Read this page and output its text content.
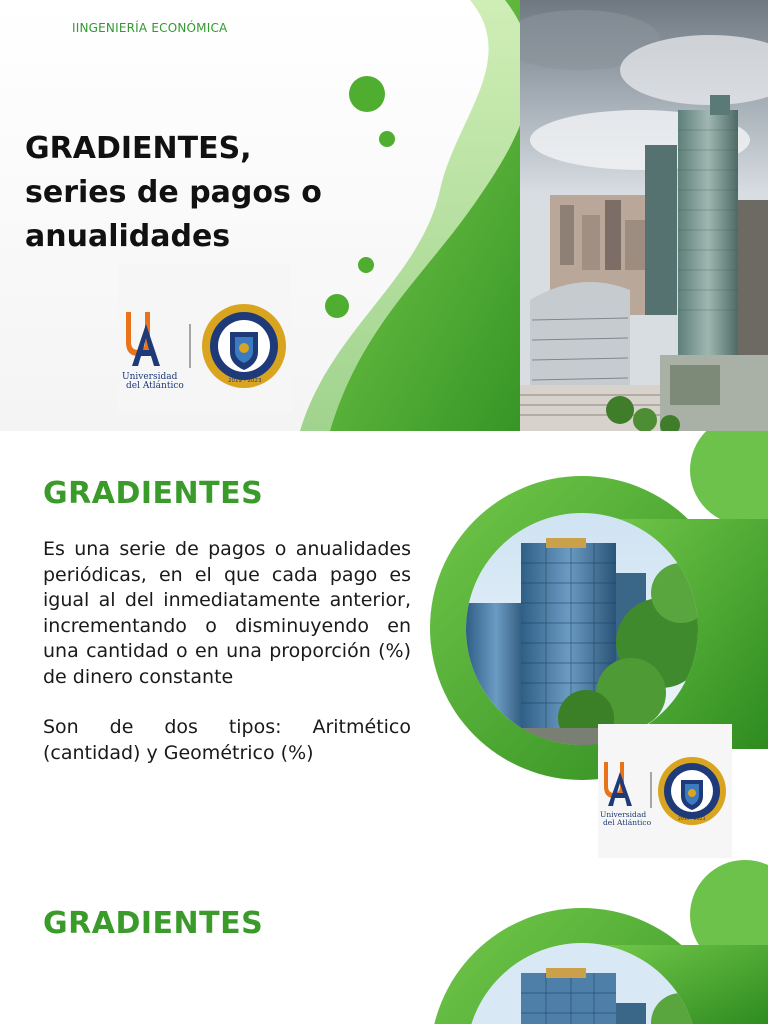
IINGENIERÍA ECONÓMICA
GRADIENTES,
series de pagos o
anualidades
Universidad
del Atlántico	2019 - 2023
GRADIENTES

Es una serie de pagos o anualidades periódicas, en el que cada pago es igual al del inmediatamente anterior, incrementando o disminuyendo en una cantidad o en una proporción (%) de dinero constante

Son de dos tipos: Aritmético (cantidad) y Geométrico (%)

Universidad
del Atlántico	2019 - 2023
GRADIENTES
